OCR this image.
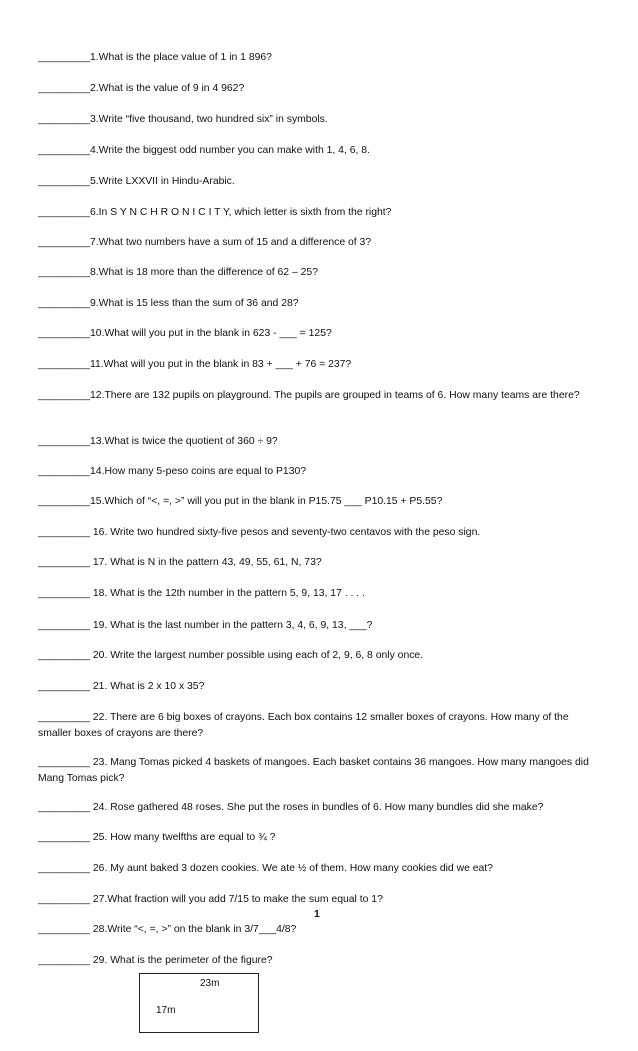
_________1.What is the place value of 1 in 1 896?
_________2.What is the value of 9 in 4 962?
_________3.Write “five thousand, two hundred six” in symbols.
_________4.Write the biggest odd number you can make with 1, 4, 6, 8.
_________5.Write LXXVII in Hindu-Arabic.
_________6.In S Y N C H R O N I C I T Y, which letter is sixth from the right?
_________7.What two numbers have a sum of 15 and a difference of 3?
_________8.What is 18 more than the difference of 62 – 25?
_________9.What is 15 less than the sum of 36 and 28?
_________10.What will you put in the blank in 623 - ___ = 125?
_________11.What will you put in the blank in 83 + ___ + 76 = 237?
_________12.There are 132 pupils on playground. The pupils are grouped in teams of 6. How many teams are there?
_________13.What is twice the quotient of 360 ÷ 9?
_________14.How many 5-peso coins are equal to P130?
_________15.Which of “<, =, >” will you put in the blank in P15.75 ___ P10.15 + P5.55?
_________ 16. Write two hundred sixty-five pesos and seventy-two centavos with the peso sign.
_________ 17. What is N in the pattern 43, 49, 55, 61, N, 73?
_________ 18. What is the 12th number in the pattern 5, 9, 13, 17 . . . .
_________ 19. What is the last number in the pattern 3, 4, 6, 9, 13, ___?
_________ 20. Write the largest number possible using each of 2, 9, 6, 8 only once.
_________ 21. What is 2 x 10 x 35?
_________ 22. There are 6 big boxes of crayons. Each box contains 12 smaller boxes of crayons. How many of the smaller boxes of crayons are there?
_________ 23. Mang Tomas picked 4 baskets of mangoes. Each basket contains 36 mangoes. How many mangoes did Mang Tomas pick?
_________ 24. Rose gathered 48 roses. She put the roses in bundles of 6. How many bundles did she make?
_________ 25. How many twelfths are equal to ¾ ?
_________ 26. My aunt baked 3 dozen cookies. We ate ½ of them. How many cookies did we eat?
_________ 27.What fraction will you add 7/15 to make the sum equal to 1?
1
_________ 28.Write “<, =, >” on the blank in 3/7___4/8?
_________ 29. What is the perimeter of the figure?
23m
17m
